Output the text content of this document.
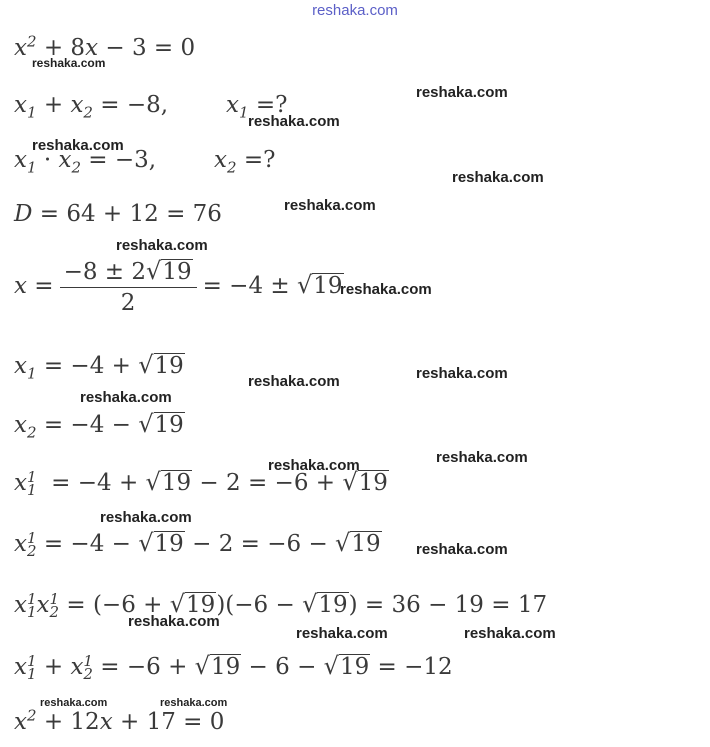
reshaka.com
$x^2 + 8x - 3 = 0$
$x_1 + x_2 = -8$,	$x_1$ =?
$x_1 \cdot x_2 = -3$,	$x_2$ =?
D = 64 + 12 = 76
$x = \frac{-8 \pm 2√19}{2} = -4 \pm √19$
$x_1 = -4 + √19$
$x_2 = -4 - √19$
x 1
1 = −4 + √19 − 2 = −6 + √19
x 1
2 = −4 − √19 − 2 = −6 − √19
x 1
1 x 1
2 = (−6 + √19)(−6 − √19) = 36 − 19 = 17
x 1
1 + x 1
2 = −6 + √19 − 6 − √19 = −12
$x^2 + 12x + 17 = 0$
reshaka.com
reshaka.com
reshaka.com
reshaka.com
reshaka.com
reshaka.com
reshaka.com
reshaka.com
reshaka.com
reshaka.com
reshaka.com
reshaka.com
reshaka.com
reshaka.com
reshaka.com
reshaka.com
reshaka.com	reshaka.com
reshaka.com	reshaka.com
